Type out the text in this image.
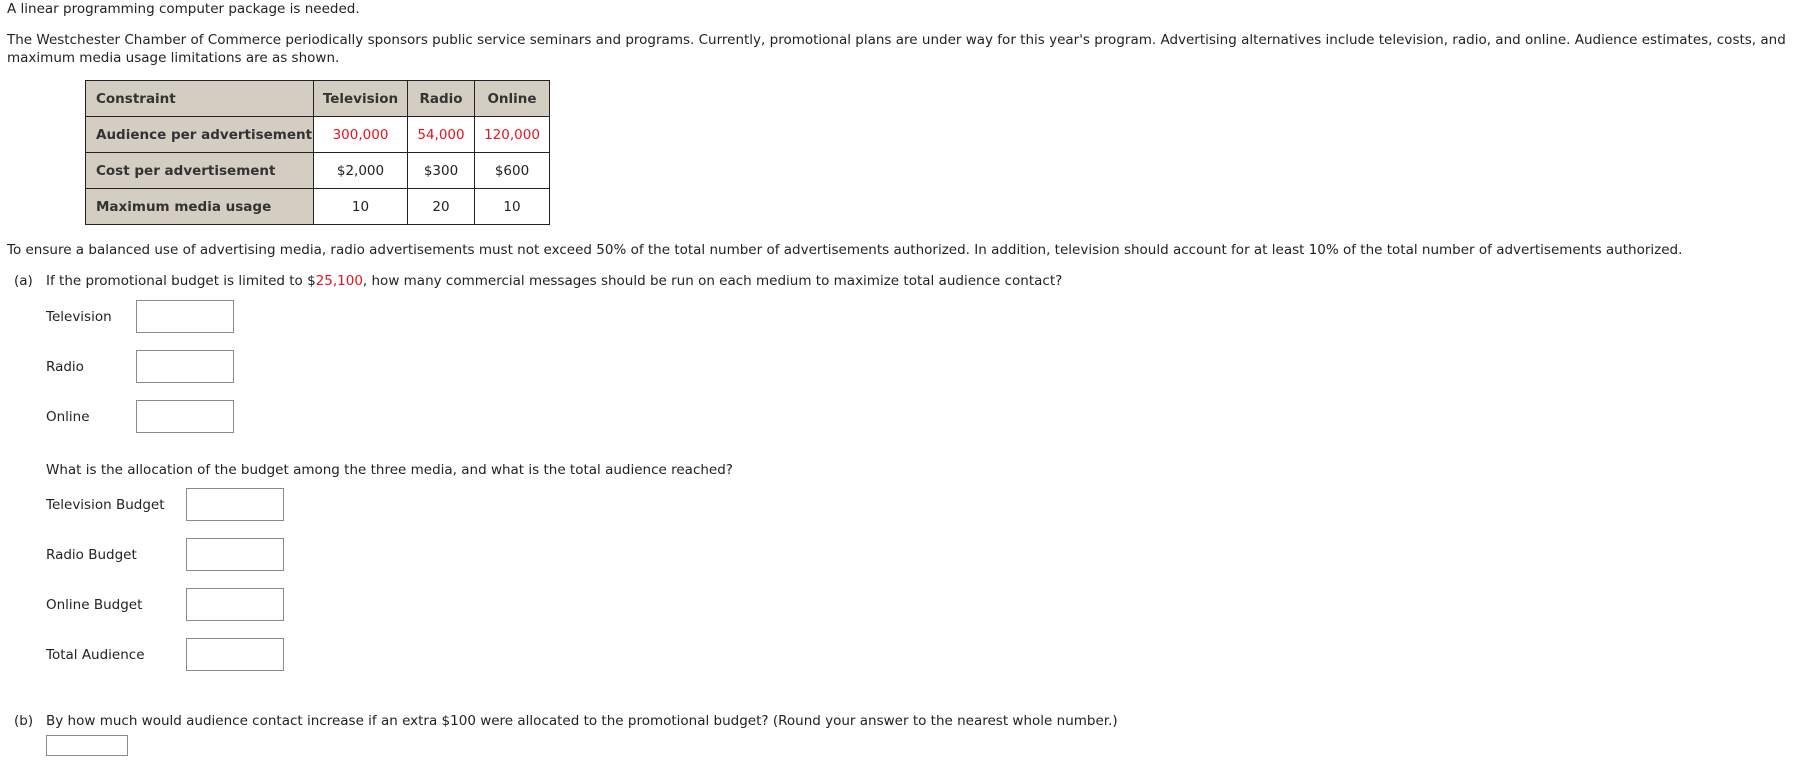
A linear programming computer package is needed.
The Westchester Chamber of Commerce periodically sponsors public service seminars and programs. Currently, promotional plans are under way for this year's program. Advertising alternatives include television, radio, and online. Audience estimates, costs, and maximum media usage limitations are as shown.
Constraint	Television	Radio	Online
Audience per advertisement	300,000	54,000	120,000
Cost per advertisement	$2,000	$300	$600
Maximum media usage	10	20	10
To ensure a balanced use of advertising media, radio advertisements must not exceed 50% of the total number of advertisements authorized. In addition, television should account for at least 10% of the total number of advertisements authorized.
(a) If the promotional budget is limited to $25,100, how many commercial messages should be run on each medium to maximize total audience contact?
Television
Radio
Online
What is the allocation of the budget among the three media, and what is the total audience reached?
Television Budget
Radio Budget
Online Budget
Total Audience
(b) By how much would audience contact increase if an extra $100 were allocated to the promotional budget? (Round your answer to the nearest whole number.)
